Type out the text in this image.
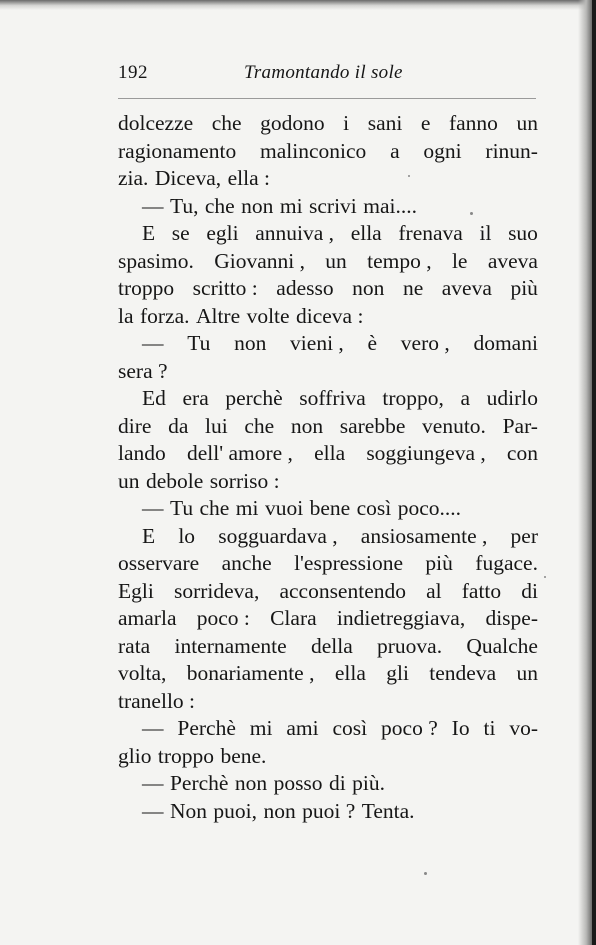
192	Tramontando il sole
dolcezze che godono i sani e fanno un
ragionamento malinconico a ogni rinun-
zia. Diceva, ella :
— Tu, che non mi scrivi mai....
E se egli annuiva , ella frenava il suo
spasimo. Giovanni , un tempo , le aveva
troppo scritto : adesso non ne aveva più
la forza. Altre volte diceva :
— Tu non vieni , è vero , domani
sera ?
Ed era perchè soffriva troppo, a udirlo
dire da lui che non sarebbe venuto. Par-
lando dell' amore , ella soggiungeva , con
un debole sorriso :
— Tu che mi vuoi bene così poco....
E lo sogguardava , ansiosamente , per
osservare anche l'espressione più fugace.
Egli sorrideva, acconsentendo al fatto di
amarla poco : Clara indietreggiava, dispe-
rata internamente della pruova. Qualche
volta, bonariamente , ella gli tendeva un
tranello :
— Perchè mi ami così poco ? Io ti vo-
glio troppo bene.
— Perchè non posso di più.
— Non puoi, non puoi ? Tenta.
